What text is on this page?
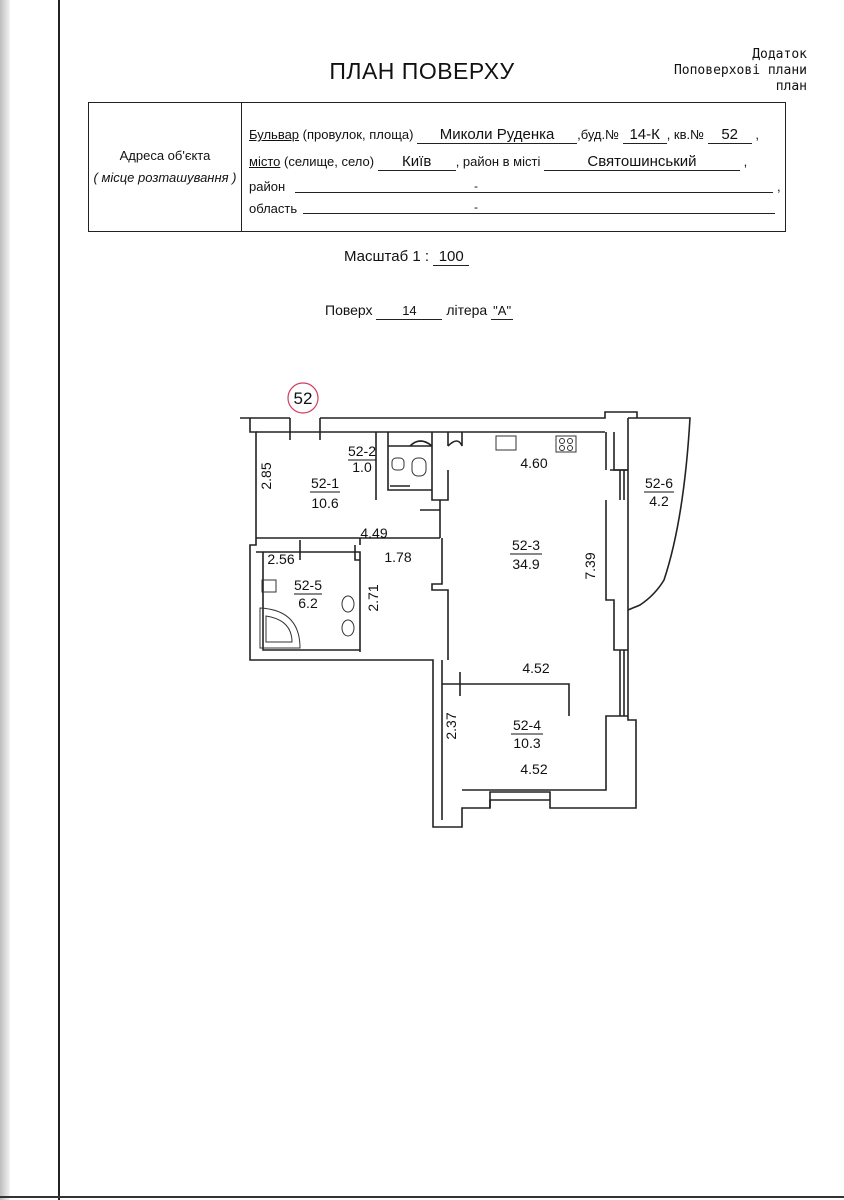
ПЛАН ПОВЕРХУ
Додаток
Поповерхові плани
план
Адреса об'єкта
( місце розташування )
Бульвар (провулок, площа) Миколи Руденка ,буд.№ 14-К , кв.№ 52 ,
місто (селище, село) Київ , район в місті	Святошинський	,
район	-	,
область	-
Масштаб 1 : 100
Поверх 14 літера "А"
52
52-1
10.6
52-2
1.0
52-3
34.9
52-4
10.3
52-5
6.2
52-6
4.2
2.85
4.49
2.56	1.78
2.71
4.60
7.39
4.52
2.37
4.52
